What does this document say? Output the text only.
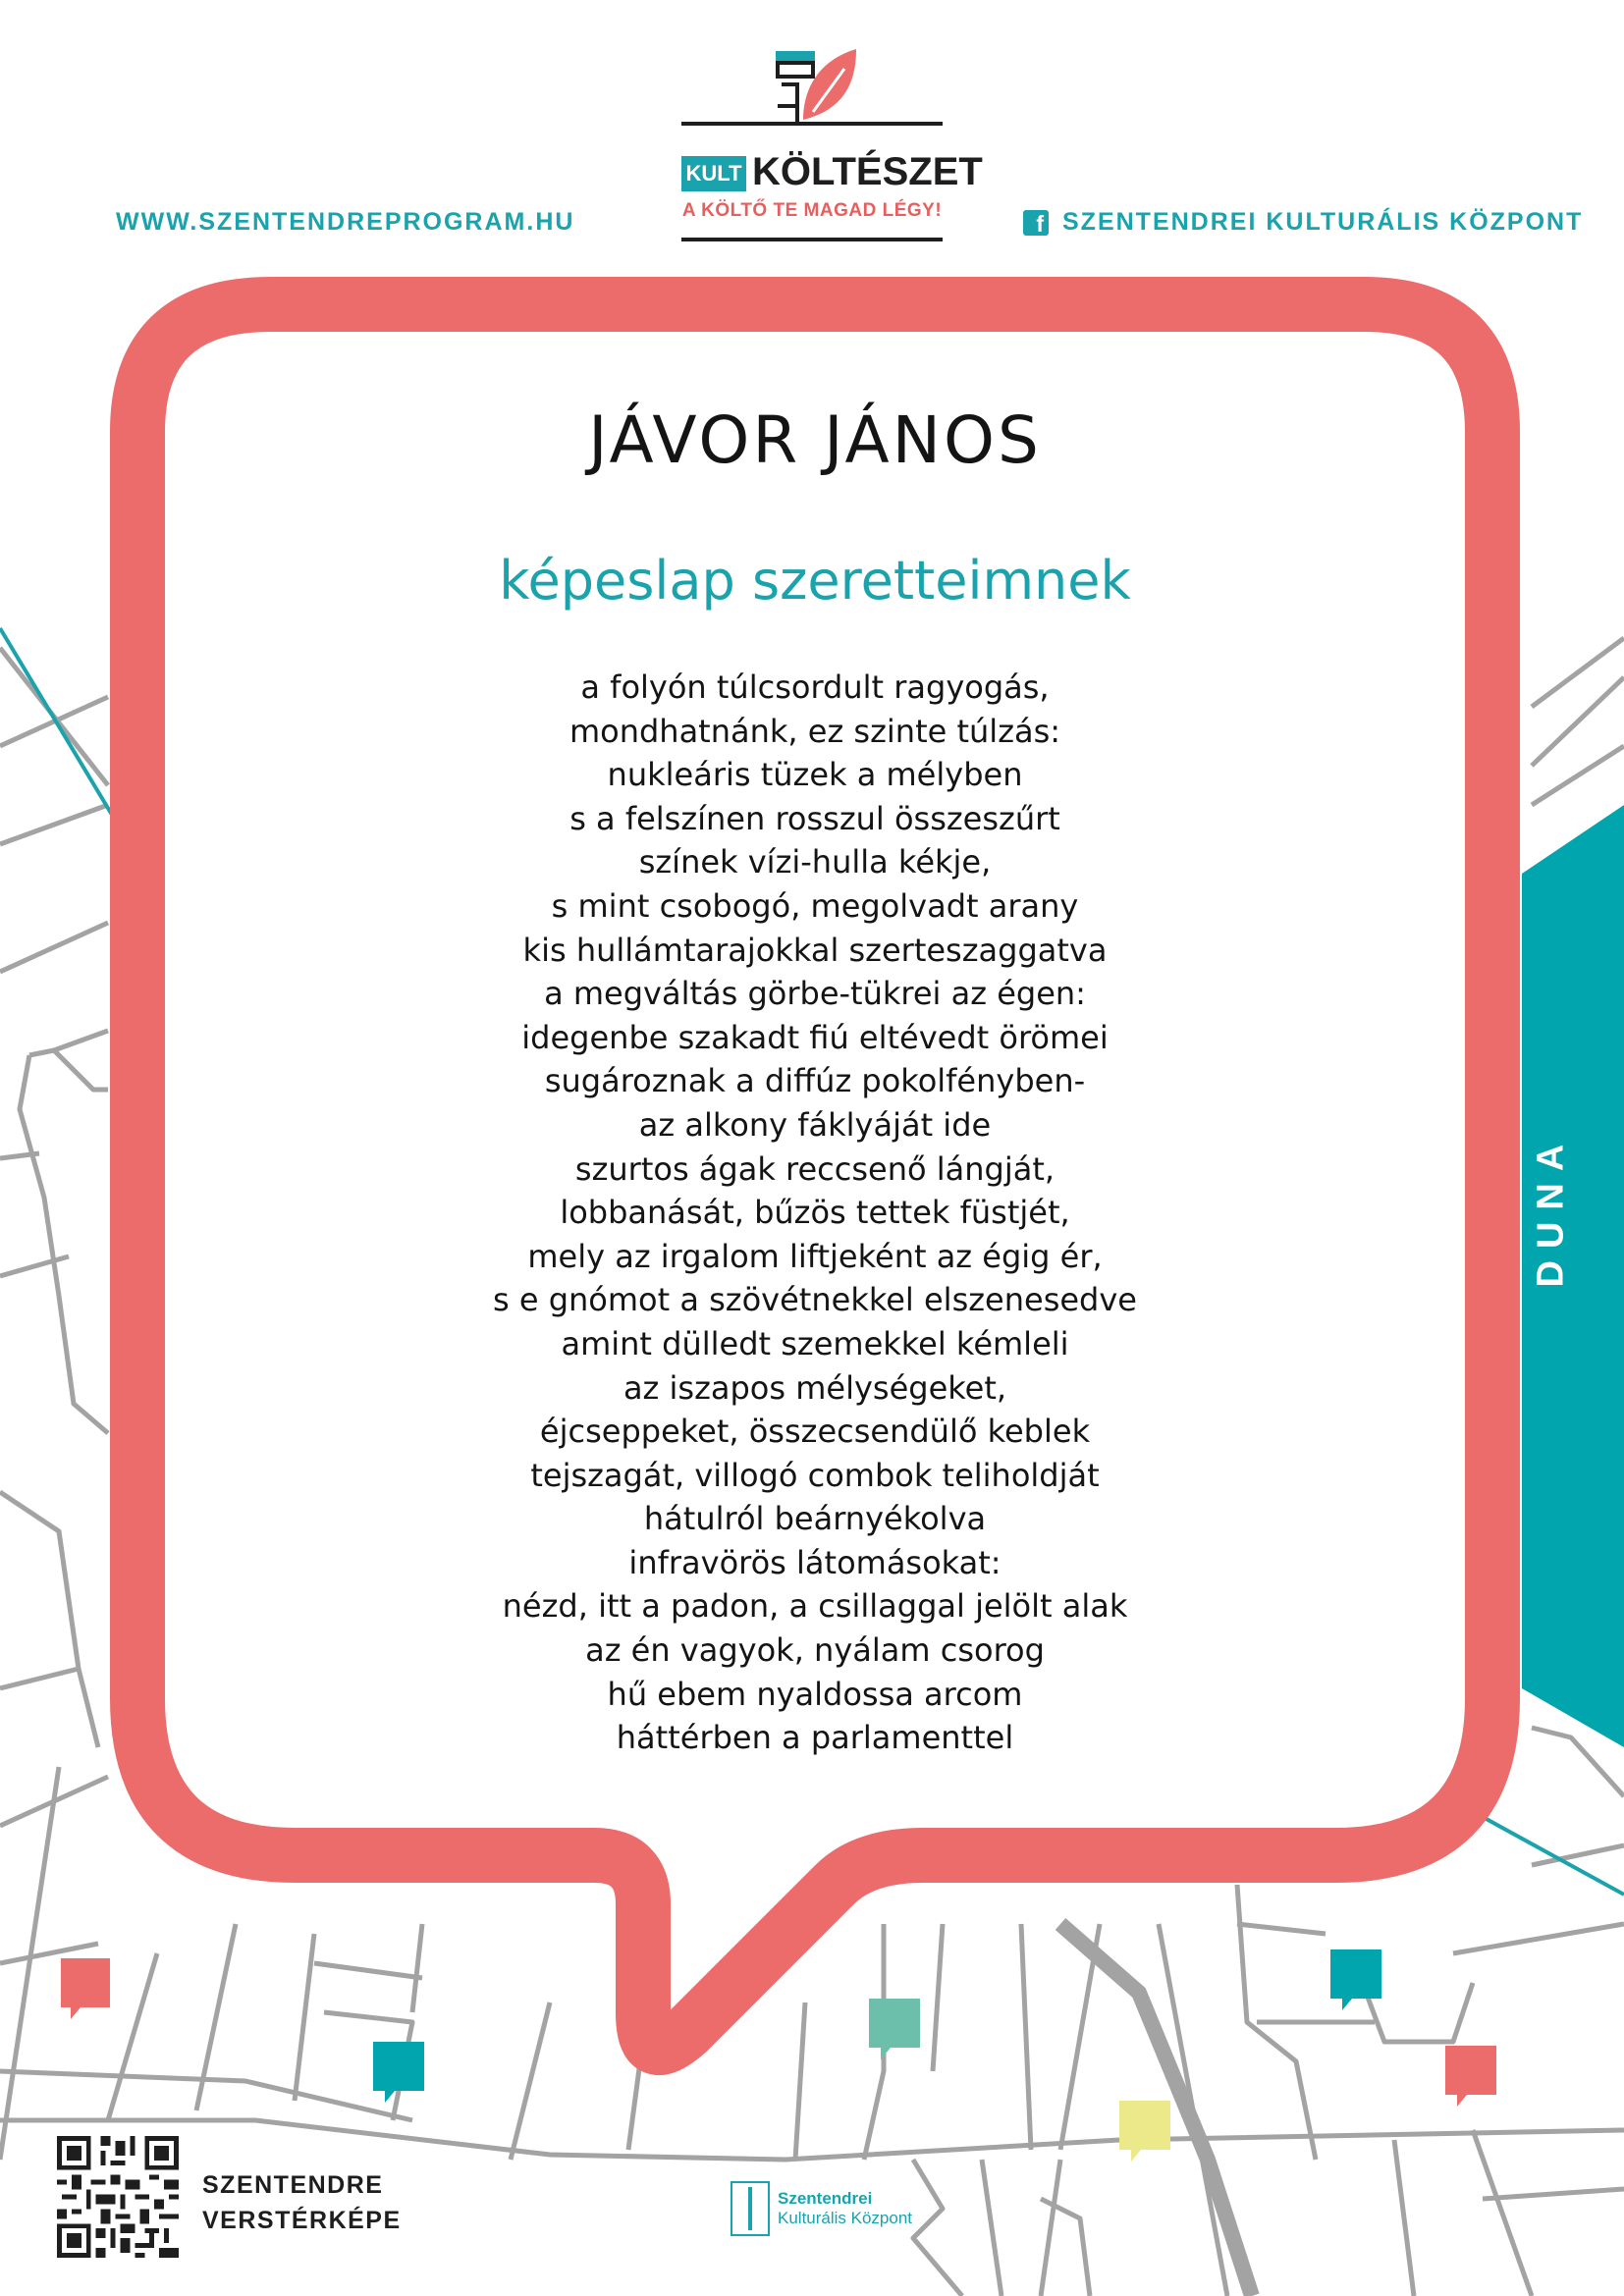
WWW.SZENTENDREPROGRAM.HU	f SZENTENDREI KULTURÁLIS KÖZPONT
KULT KÖLTÉSZET
A KÖLTŐ TE MAGAD LÉGY!
JÁVOR JÁNOS
képeslap szeretteimnek
a folyón túlcsordult ragyogás,
mondhatnánk, ez szinte túlzás:
nukleáris tüzek a mélyben
s a felszínen rosszul összeszűrt
színek vízi-hulla kékje,
s mint csobogó, megolvadt arany
kis hullámtarajokkal szerteszaggatva
a megváltás görbe-tükrei az égen:
idegenbe szakadt fiú eltévedt örömei
sugároznak a diffúz pokolfényben-
az alkony fáklyáját ide
szurtos ágak reccsenő lángját,
lobbanását, bűzös tettek füstjét,
mely az irgalom liftjeként az égig ér,
s e gnómot a szövétnekkel elszenesedve
amint dülledt szemekkel kémleli
az iszapos mélységeket,
éjcseppeket, összecsendülő keblek
tejszagát, villogó combok teliholdját
hátulról beárnyékolva
infravörös látomásokat:
nézd, itt a padon, a csillaggal jelölt alak
az én vagyok, nyálam csorog
hű ebem nyaldossa arcom
háttérben a parlamenttel
DUNA
SZENTENDRE
VERSTÉRKÉPE
Szentendrei
Kulturális Központ
